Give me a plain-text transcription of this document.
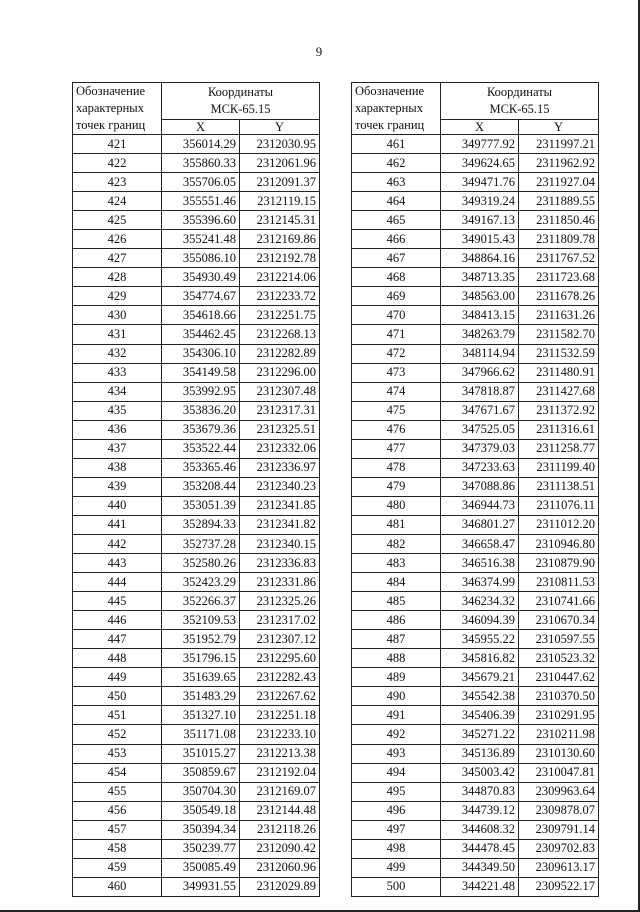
9
Обозначение
характерных
точек границ	Координаты
МСК-65.15	

	X	Y
421	356014.29	2312030.95
422	355860.33	2312061.96
423	355706.05	2312091.37
424	355551.46	2312119.15
425	355396.60	2312145.31
426	355241.48	2312169.86
427	355086.10	2312192.78
428	354930.49	2312214.06
429	354774.67	2312233.72
430	354618.66	2312251.75
431	354462.45	2312268.13
432	354306.10	2312282.89
433	354149.58	2312296.00
434	353992.95	2312307.48
435	353836.20	2312317.31
436	353679.36	2312325.51
437	353522.44	2312332.06
438	353365.46	2312336.97
439	353208.44	2312340.23
440	353051.39	2312341.85
441	352894.33	2312341.82
442	352737.28	2312340.15
443	352580.26	2312336.83
444	352423.29	2312331.86
445	352266.37	2312325.26
446	352109.53	2312317.02
447	351952.79	2312307.12
448	351796.15	2312295.60
449	351639.65	2312282.43
450	351483.29	2312267.62
451	351327.10	2312251.18
452	351171.08	2312233.10
453	351015.27	2312213.38
454	350859.67	2312192.04
455	350704.30	2312169.07
456	350549.18	2312144.48
457	350394.34	2312118.26
458	350239.77	2312090.42
459	350085.49	2312060.96
460	349931.55	2312029.89
Обозначение
характерных
точек границ	Координаты
МСК-65.15	

	X	Y
461	349777.92	2311997.21
462	349624.65	2311962.92
463	349471.76	2311927.04
464	349319.24	2311889.55
465	349167.13	2311850.46
466	349015.43	2311809.78
467	348864.16	2311767.52
468	348713.35	2311723.68
469	348563.00	2311678.26
470	348413.15	2311631.26
471	348263.79	2311582.70
472	348114.94	2311532.59
473	347966.62	2311480.91
474	347818.87	2311427.68
475	347671.67	2311372.92
476	347525.05	2311316.61
477	347379.03	2311258.77
478	347233.63	2311199.40
479	347088.86	2311138.51
480	346944.73	2311076.11
481	346801.27	2311012.20
482	346658.47	2310946.80
483	346516.38	2310879.90
484	346374.99	2310811.53
485	346234.32	2310741.66
486	346094.39	2310670.34
487	345955.22	2310597.55
488	345816.82	2310523.32
489	345679.21	2310447.62
490	345542.38	2310370.50
491	345406.39	2310291.95
492	345271.22	2310211.98
493	345136.89	2310130.60
494	345003.42	2310047.81
495	344870.83	2309963.64
496	344739.12	2309878.07
497	344608.32	2309791.14
498	344478.45	2309702.83
499	344349.50	2309613.17
500	344221.48	2309522.17
